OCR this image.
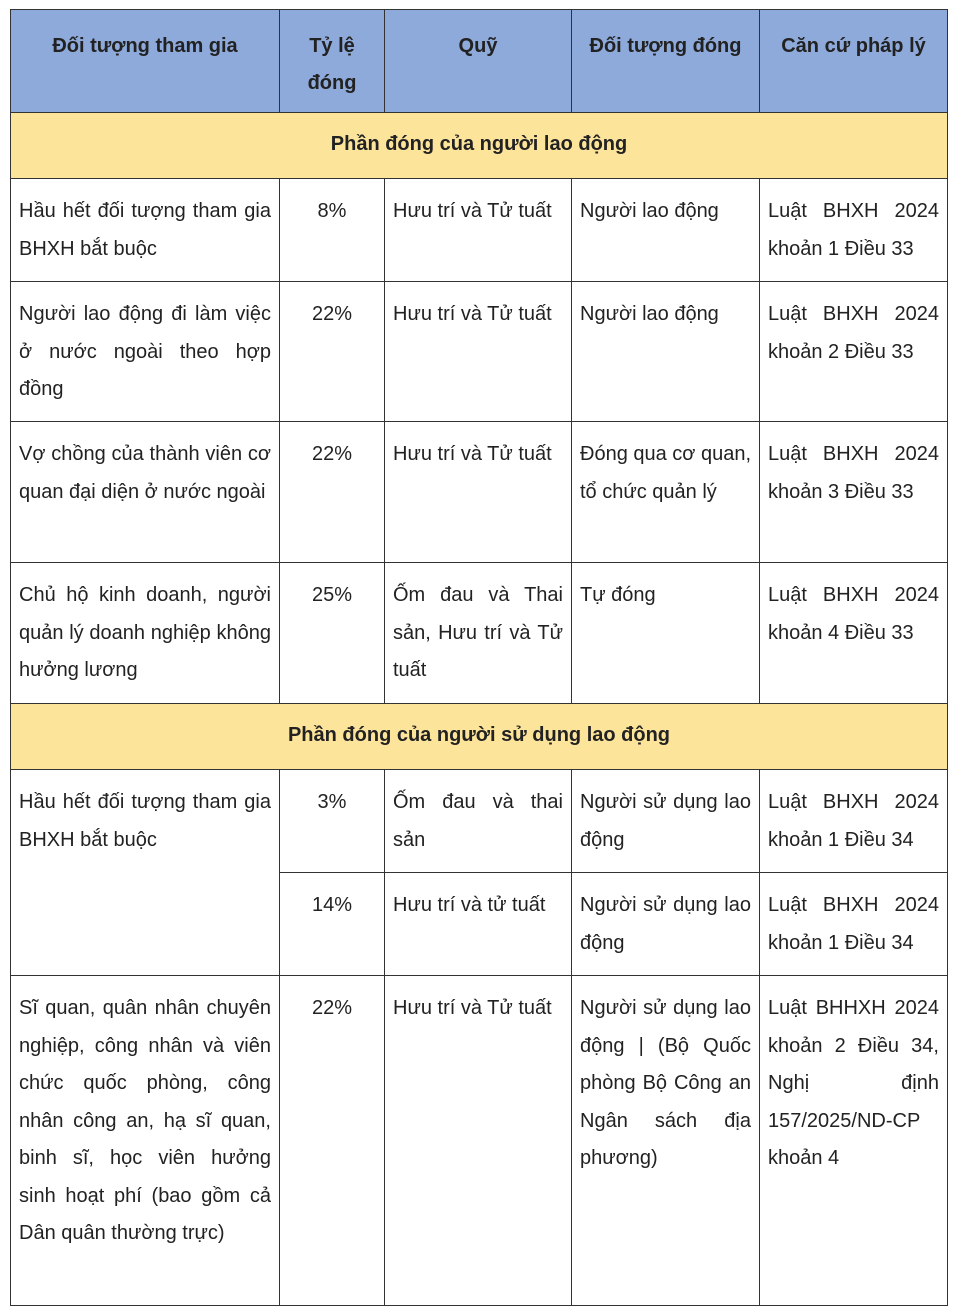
Đối tượng tham gia	Tỷ lệ đóng	Quỹ	Đối tượng đóng	Căn cứ pháp lý
Phần đóng của người lao động				
Hầu hết đối tượng tham gia BHXH bắt buộc	8%	Hưu trí và Tử tuất	Người lao động	Luật BHXH 2024 khoản 1 Điều 33
Người lao động đi làm việc ở nước ngoài theo hợp đồng	22%	Hưu trí và Tử tuất	Người lao động	Luật BHXH 2024 khoản 2 Điều 33
Vợ chồng của thành viên cơ quan đại diện ở nước ngoài	22%	Hưu trí và Tử tuất	Đóng qua cơ quan, tổ chức quản lý	Luật BHXH 2024 khoản 3 Điều 33
Chủ hộ kinh doanh, người quản lý doanh nghiệp không hưởng lương	25%	Ốm đau và Thai sản, Hưu trí và Tử tuất	Tự đóng	Luật BHXH 2024 khoản 4 Điều 33
Phần đóng của người sử dụng lao động				
Hầu hết đối tượng tham gia BHXH bắt buộc	3%	Ốm đau và thai sản	Người sử dụng lao động	Luật BHXH 2024 khoản 1 Điều 34
	14%	Hưu trí và tử tuất	Người sử dụng lao động	Luật BHXH 2024 khoản 1 Điều 34
Sĩ quan, quân nhân chuyên nghiệp, công nhân và viên chức quốc phòng, công nhân công an, hạ sĩ quan, binh sĩ, học viên hưởng sinh hoạt phí (bao gồm cả Dân quân thường trực)	22%	Hưu trí và Tử tuất	Người sử dụng lao động | (Bộ Quốc phòng Bộ Công an Ngân sách địa phương)	Luật BHHXH 2024 khoản 2 Điều 34, Nghị định 157/2025/ND-CP khoản 4
